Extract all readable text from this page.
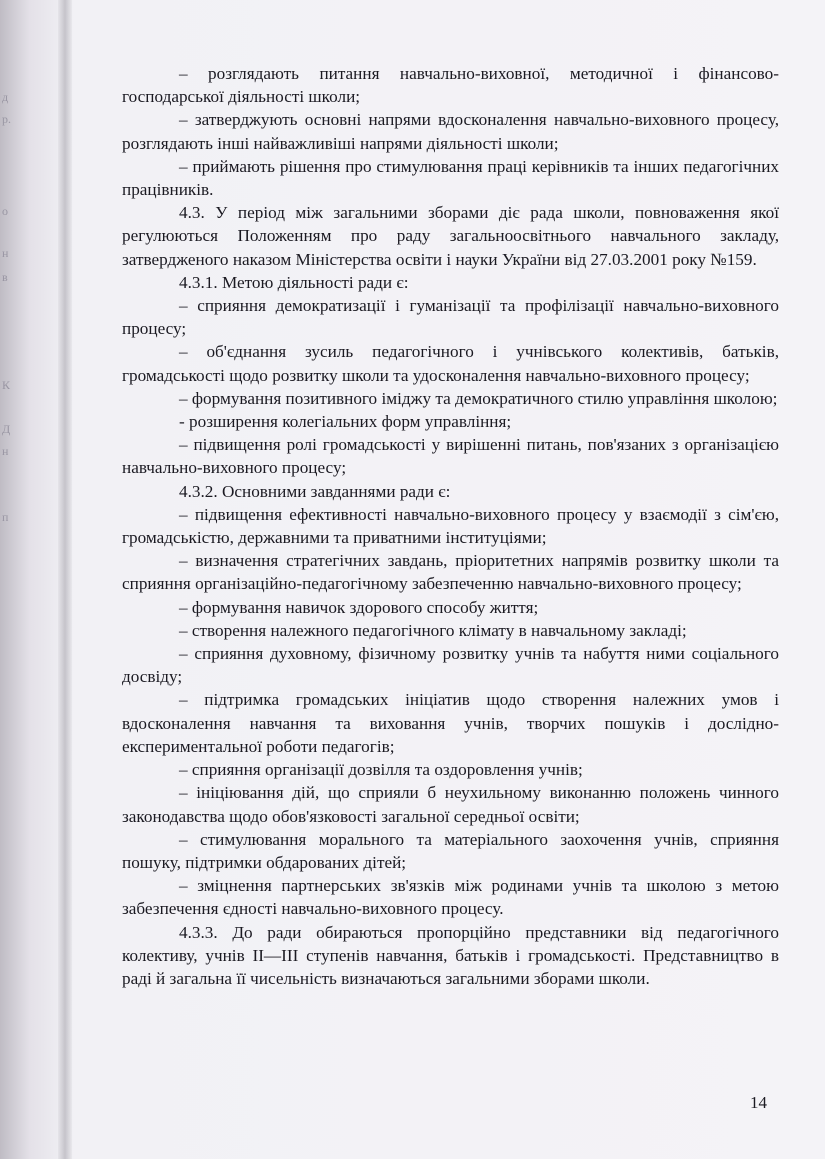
д
р.
о
н
в
К
Д
н
п

– розглядають питання навчально-виховної, методичної і фінансово-господарської діяльності школи;

– затверджують основні напрями вдосконалення навчально-виховного процесу, розглядають інші найважливіші напрями діяльності школи;

– приймають рішення про стимулювання праці керівників та інших педагогічних працівників.

4.3. У період між загальними зборами діє рада школи, повноваження якої регулюються Положенням про раду загальноосвітнього навчального закладу, затвердженого наказом Міністерства освіти і науки України від 27.03.2001 року №159.

4.3.1. Метою діяльності ради є:

– сприяння демократизації і гуманізації та профілізації навчально-виховного процесу;

– об'єднання зусиль педагогічного і учнівського колективів, батьків, громадськості щодо розвитку школи та удосконалення навчально-виховного процесу;

– формування позитивного іміджу та демократичного стилю управління школою;

- розширення колегіальних форм управління;

– підвищення ролі громадськості у вирішенні питань, пов'язаних з організацією навчально-виховного процесу;

4.3.2. Основними завданнями ради є:

– підвищення ефективності навчально-виховного процесу у взаємодії з сім'єю, громадськістю, державними та приватними інституціями;

– визначення стратегічних завдань, пріоритетних напрямів розвитку школи та сприяння організаційно-педагогічному забезпеченню навчально-виховного процесу;

– формування навичок здорового способу життя;

– створення належного педагогічного клімату в навчальному закладі;

– сприяння духовному, фізичному розвитку учнів та набуття ними соціального досвіду;

– підтримка громадських ініціатив щодо створення належних умов і вдосконалення навчання та виховання учнів, творчих пошуків і дослідно-експериментальної роботи педагогів;

– сприяння організації дозвілля та оздоровлення учнів;

– ініціювання дій, що сприяли б неухильному виконанню положень чинного законодавства щодо обов'язковості загальної середньої освіти;

– стимулювання морального та матеріального заохочення учнів, сприяння пошуку, підтримки обдарованих дітей;

– зміцнення партнерських зв'язків між родинами учнів та школою з метою забезпечення єдності навчально-виховного процесу.

4.3.3. До ради обираються пропорційно представники від педагогічного колективу, учнів ІІ—ІІІ ступенів навчання, батьків і громадськості. Представництво в раді й загальна її чисельність визначаються загальними зборами школи.

14
